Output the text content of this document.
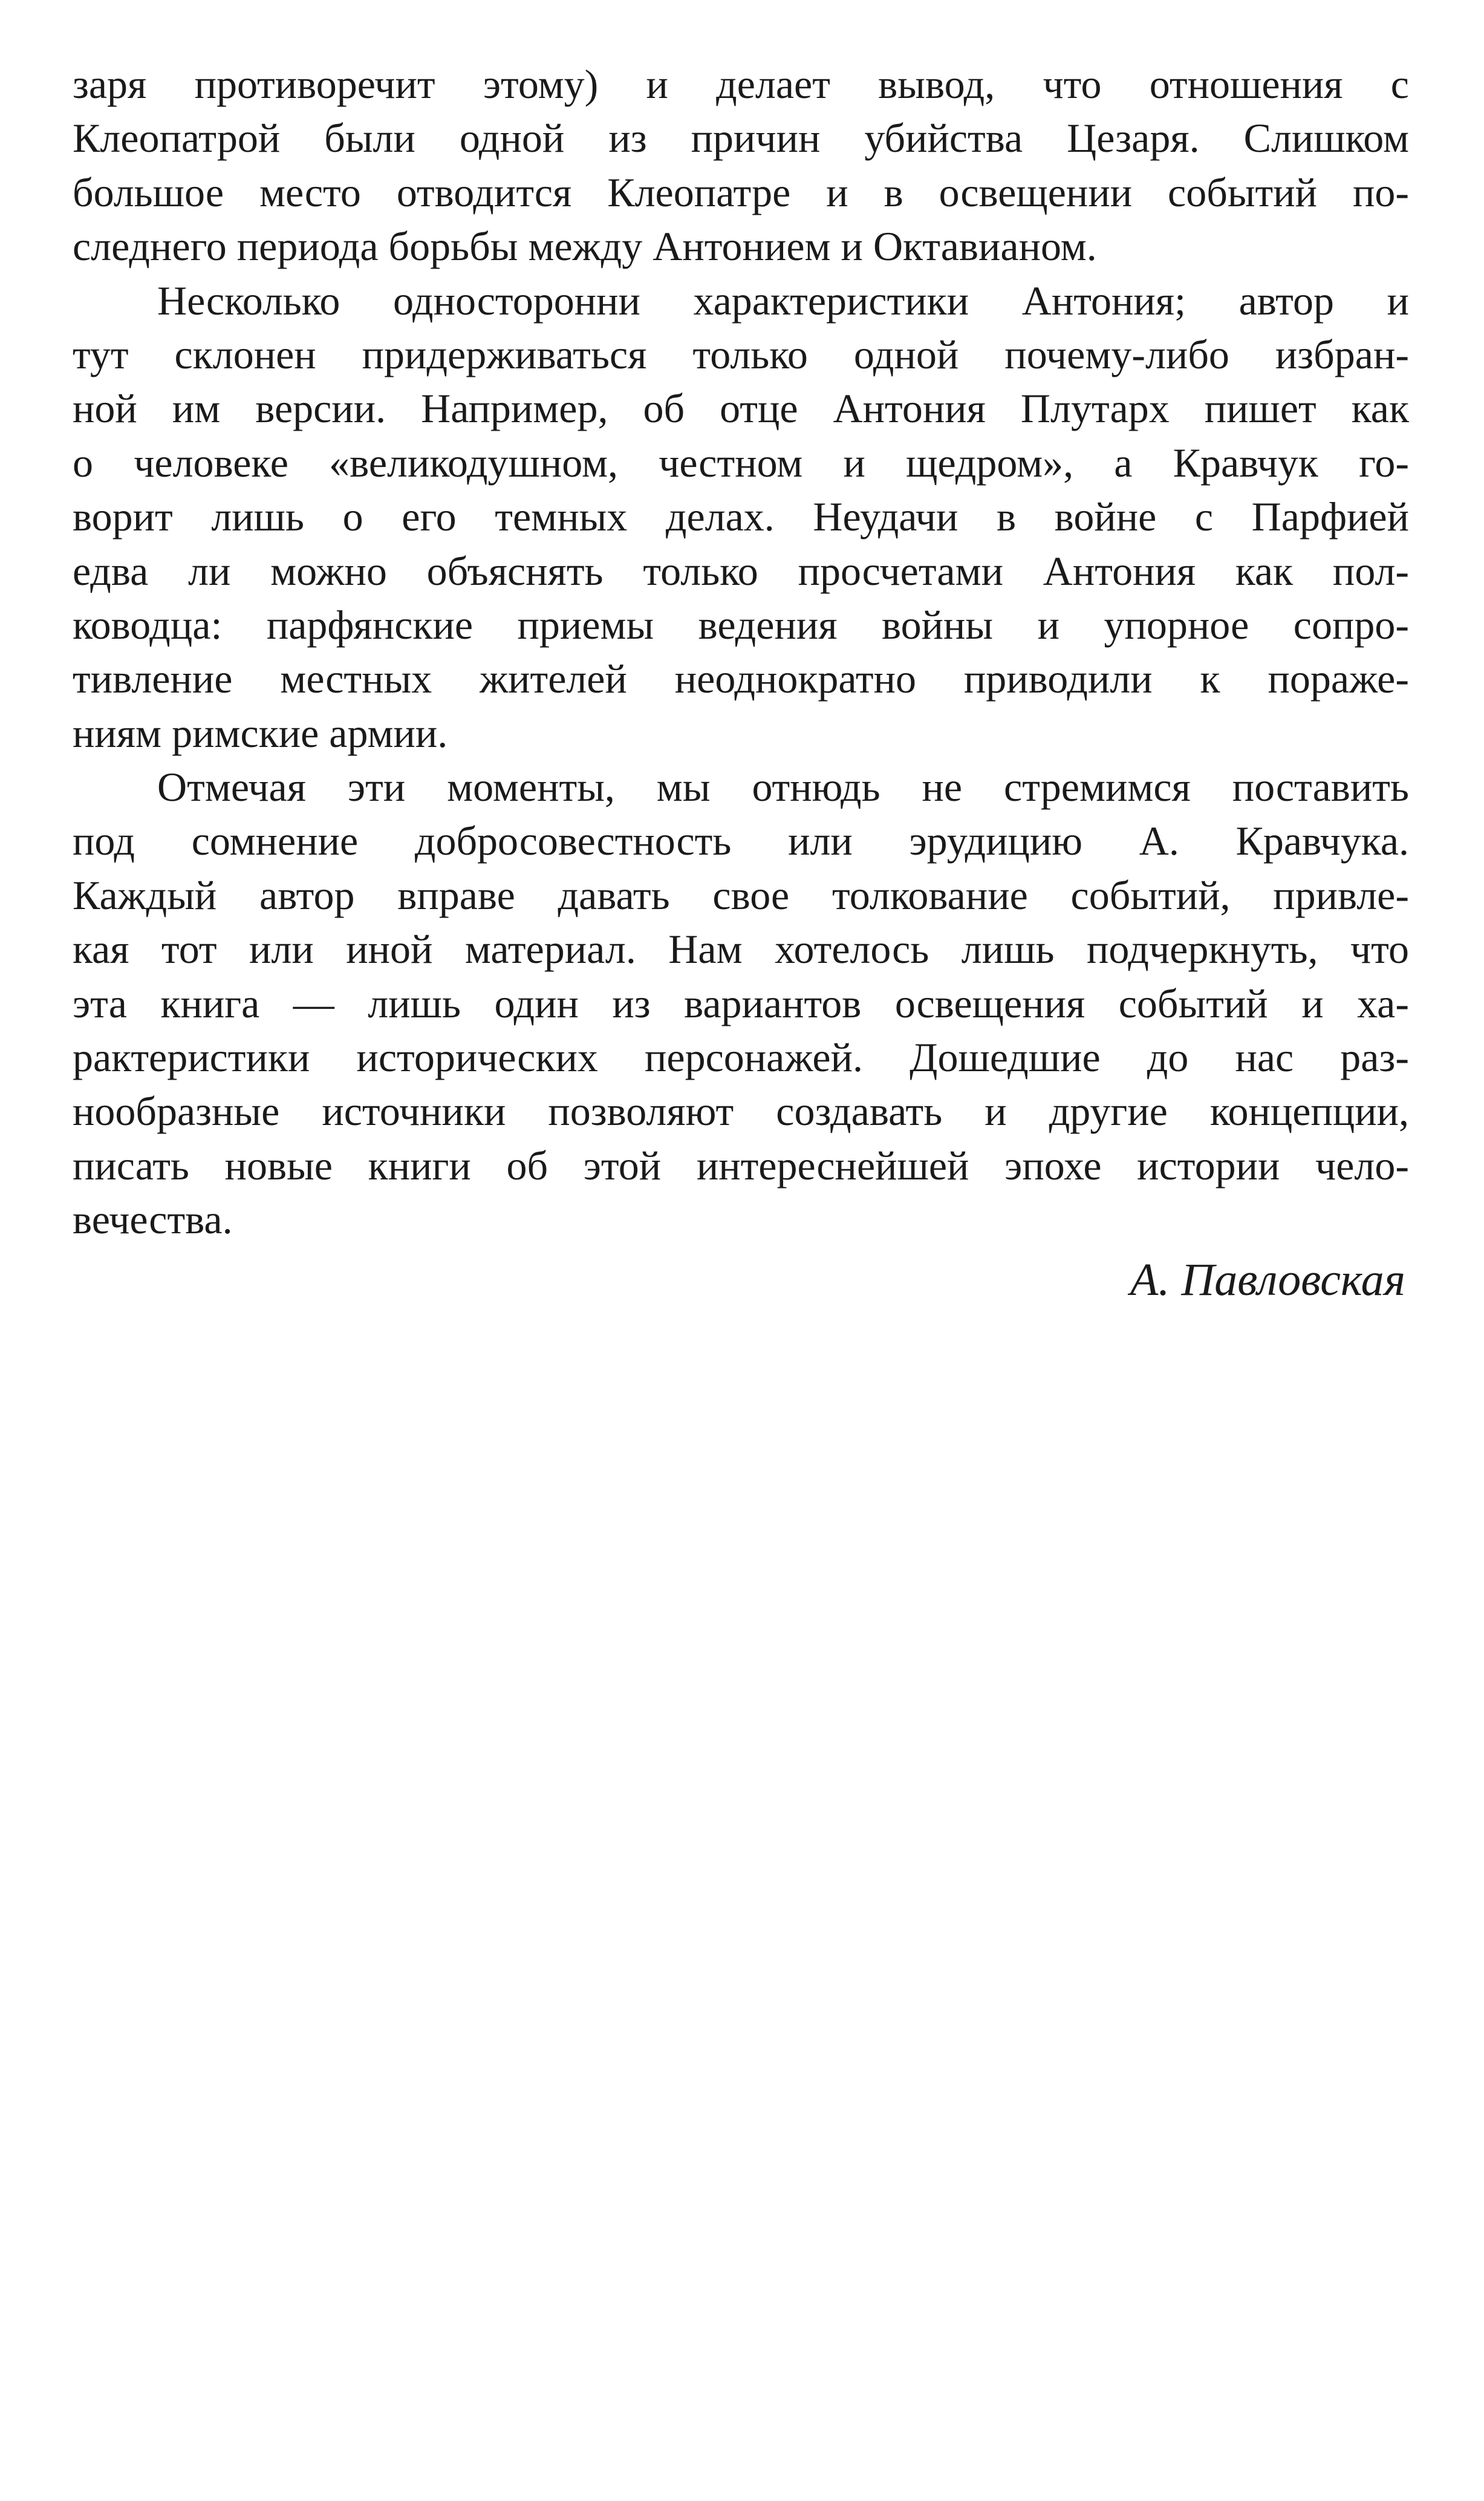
заря противоречит этому) и делает вывод, что отношения с
Клеопатрой были одной из причин убийства Цезаря. Слишком
большое место отводится Клеопатре и в освещении событий по-
следнего периода борьбы между Антонием и Октавианом.
Несколько односторонни характеристики Антония; автор и
тут склонен придерживаться только одной почему-либо избран-
ной им версии. Например, об отце Антония Плутарх пишет как
о человеке «великодушном, честном и щедром», а Кравчук го-
ворит лишь о его темных делах. Неудачи в войне с Парфией
едва ли можно объяснять только просчетами Антония как пол-
ководца: парфянские приемы ведения войны и упорное сопро-
тивление местных жителей неоднократно приводили к пораже-
ниям римские армии.
Отмечая эти моменты, мы отнюдь не стремимся поставить
под сомнение добросовестность или эрудицию А. Кравчука.
Каждый автор вправе давать свое толкование событий, привле-
кая тот или иной материал. Нам хотелось лишь подчеркнуть, что
эта книга — лишь один из вариантов освещения событий и ха-
рактеристики исторических персонажей. Дошедшие до нас раз-
нообразные источники позволяют создавать и другие концепции,
писать новые книги об этой интереснейшей эпохе истории чело-
вечества.
А. Павловская
